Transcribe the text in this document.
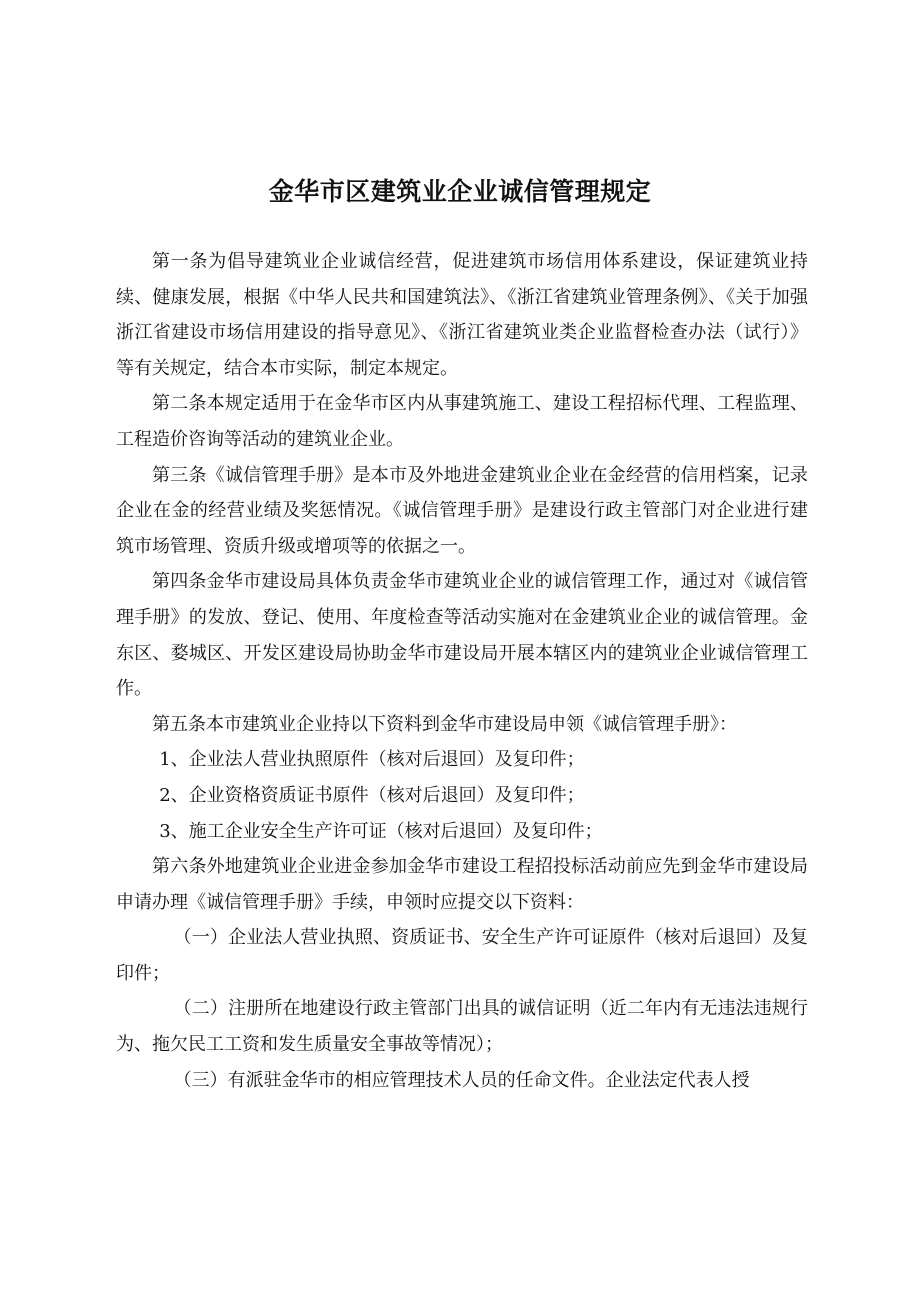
金华市区建筑业企业诚信管理规定

第一条为倡导建筑业企业诚信经营，促进建筑市场信用体系建设，保证建筑业持续、健康发展，根据《中华人民共和国建筑法》、《浙江省建筑业管理条例》、《关于加强浙江省建设市场信用建设的指导意见》、《浙江省建筑业类企业监督检查办法（试行）》等有关规定，结合本市实际，制定本规定。

第二条本规定适用于在金华市区内从事建筑施工、建设工程招标代理、工程监理、工程造价咨询等活动的建筑业企业。

第三条《诚信管理手册》是本市及外地进金建筑业企业在金经营的信用档案，记录企业在金的经营业绩及奖惩情况。《诚信管理手册》是建设行政主管部门对企业进行建筑市场管理、资质升级或增项等的依据之一。

第四条金华市建设局具体负责金华市建筑业企业的诚信管理工作，通过对《诚信管理手册》的发放、登记、使用、年度检查等活动实施对在金建筑业企业的诚信管理。金东区、婺城区、开发区建设局协助金华市建设局开展本辖区内的建筑业企业诚信管理工作。

第五条本市建筑业企业持以下资料到金华市建设局申领《诚信管理手册》：

1、企业法人营业执照原件（核对后退回）及复印件；

2、企业资格资质证书原件（核对后退回）及复印件；

3、施工企业安全生产许可证（核对后退回）及复印件；

第六条外地建筑业企业进金参加金华市建设工程招投标活动前应先到金华市建设局申请办理《诚信管理手册》手续，申领时应提交以下资料：

（一）企业法人营业执照、资质证书、安全生产许可证原件（核对后退回）及复印件；

（二）注册所在地建设行政主管部门出具的诚信证明（近二年内有无违法违规行为、拖欠民工工资和发生质量安全事故等情况）；

（三）有派驻金华市的相应管理技术人员的任命文件。企业法定代表人授
